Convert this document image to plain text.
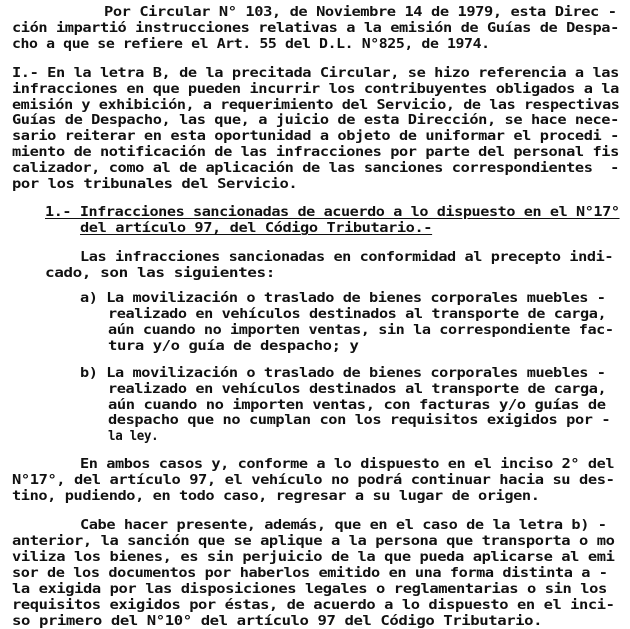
Por Circular N° 103, de Noviembre 14 de 1979, esta Direc -
ción impartió instrucciones relativas a la emisión de Guías de Despa-
cho a que se refiere el Art. 55 del D.L. N°825, de 1974.
I.- En la letra B, de la precitada Circular, se hizo referencia a las
infracciones en que pueden incurrir los contribuyentes obligados a la
emisión y exhibición, a requerimiento del Servicio, de las respectivas
Guías de Despacho, las que, a juicio de esta Dirección, se hace nece-
sario reiterar en esta oportunidad a objeto de uniformar el procedi -
miento de notificación de las infracciones por parte del personal fis
calizador, como al de aplicación de las sanciones correspondientes  -
por los tribunales del Servicio.
1.- Infracciones sancionadas de acuerdo a lo dispuesto en el N°17°
del artículo 97, del Código Tributario.-
Las infracciones sancionadas en conformidad al precepto indi-
cado, son las siguientes:
a) La movilización o traslado de bienes corporales muebles -
realizado en vehículos destinados al transporte de carga,
aún cuando no importen ventas, sin la correspondiente fac-
tura y/o guía de despacho; y
b) La movilización o traslado de bienes corporales muebles -
realizado en vehículos destinados al transporte de carga,
aún cuando no importen ventas, con facturas y/o guías de
despacho que no cumplan con los requisitos exigidos por -
la ley.
En ambos casos y, conforme a lo dispuesto en el inciso 2° del
N°17°, del artículo 97, el vehículo no podrá continuar hacia su des-
tino, pudiendo, en todo caso, regresar a su lugar de origen.
Cabe hacer presente, además, que en el caso de la letra b) -
anterior, la sanción que se aplique a la persona que transporta o mo
viliza los bienes, es sin perjuicio de la que pueda aplicarse al emi
sor de los documentos por haberlos emitido en una forma distinta a -
la exigida por las disposiciones legales o reglamentarias o sin los
requisitos exigidos por éstas, de acuerdo a lo dispuesto en el inci-
so primero del N°10° del artículo 97 del Código Tributario.
